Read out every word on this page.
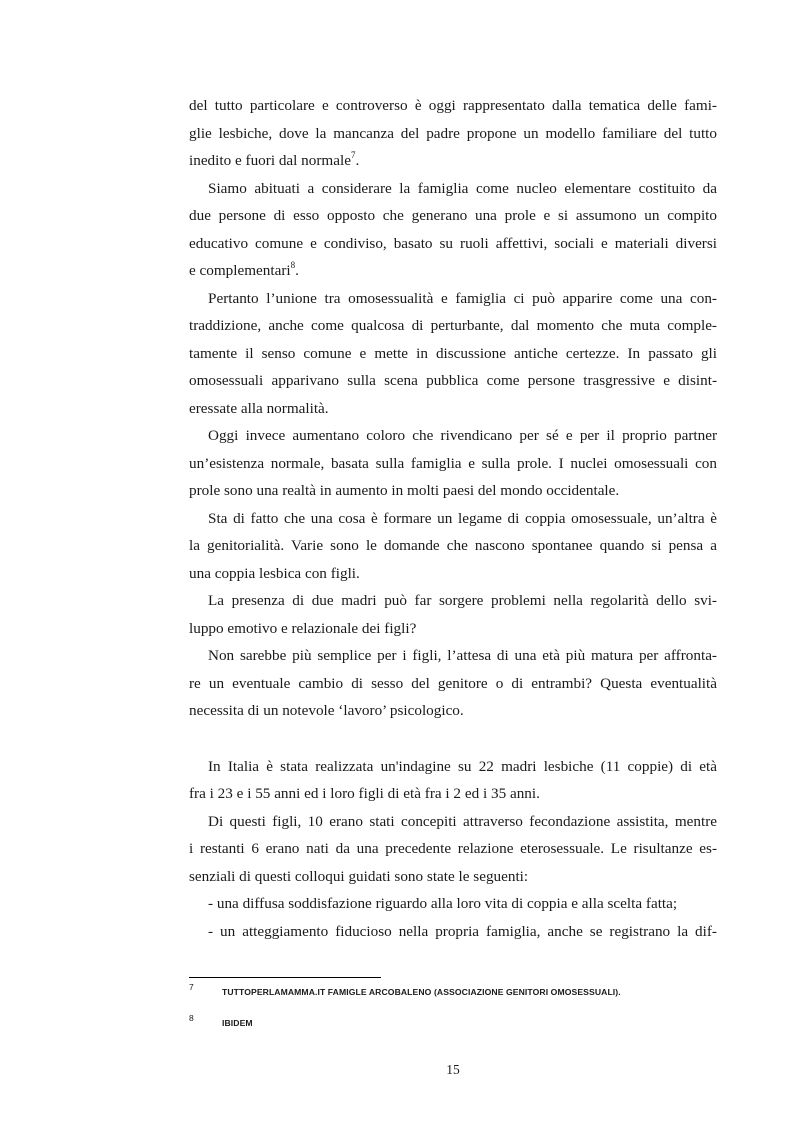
del tutto particolare e controverso è oggi rappresentato dalla tematica delle fami-
glie lesbiche, dove la mancanza del padre propone un modello familiare del tutto
inedito e fuori dal normale$^7$.
Siamo abituati a considerare la famiglia come nucleo elementare costituito da
due persone di esso opposto che generano una prole e si assumono un compito
educativo comune e condiviso, basato su ruoli affettivi, sociali e materiali diversi
e complementari$^8$.
Pertanto l’unione tra omosessualità e famiglia ci può apparire come una con-
traddizione, anche come qualcosa di perturbante, dal momento che muta comple-
tamente il senso comune e mette in discussione antiche certezze. In passato gli
omosessuali apparivano sulla scena pubblica come persone trasgressive e disint-
eressate alla normalità.
Oggi invece aumentano coloro che rivendicano per sé e per il proprio partner
un’esistenza normale, basata sulla famiglia e sulla prole. I nuclei omosessuali con
prole sono una realtà in aumento in molti paesi del mondo occidentale.
Sta di fatto che una cosa è formare un legame di coppia omosessuale, un’altra è
la genitorialità. Varie sono le domande che nascono spontanee quando si pensa a
una coppia lesbica con figli.
La presenza di due madri può far sorgere problemi nella regolarità dello svi-
luppo emotivo e relazionale dei figli?
Non sarebbe più semplice per i figli, l’attesa di una età più matura per affronta-
re un eventuale cambio di sesso del genitore o di entrambi? Questa eventualità
necessita di un notevole ‘lavoro’ psicologico.
In Italia è stata realizzata un'indagine su 22 madri lesbiche (11 coppie) di età
fra i 23 e i 55 anni ed i loro figli di età fra i 2 ed i 35 anni.
Di questi figli, 10 erano stati concepiti attraverso fecondazione assistita, mentre
i restanti 6 erano nati da una precedente relazione eterosessuale. Le risultanze es-
senziali di questi colloqui guidati sono state le seguenti:
- una diffusa soddisfazione riguardo alla loro vita di coppia e alla scelta fatta;
- un atteggiamento fiducioso nella propria famiglia, anche se registrano la dif-
7	TUTTOPERLAMAMMA.IT FAMIGLE ARCOBALENO (ASSOCIAZIONE GENITORI OMOSESSUALI).
8	IBIDEM
15
